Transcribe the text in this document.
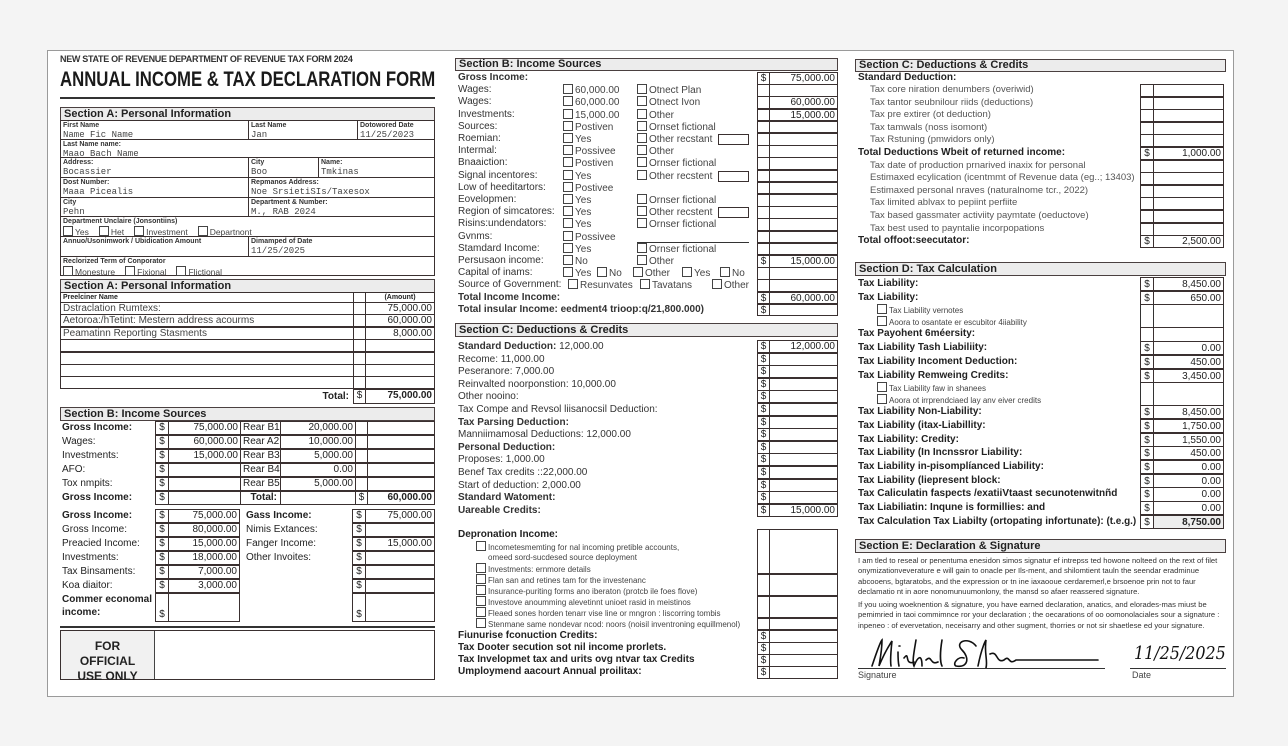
NEW STATE OF REVENUE DEPARTMENT OF REVENUE TAX FORM 2024
ANNUAL INCOME & TAX DECLARATION FORM
Section A: Personal Information
First Name
Name Fic Name
Last Name
Jan
Dotowored Date
11/25/2023
Last Name name:
Maao Bach Name
Address:
Bocassier
City
Boo
Name:
Tmkinas
Dost Number:
Maaa Picealis
Repmanos Address:
Noe SrsietiSIs/Taxesox
City
Pehn
Department & Number:
M., RAB 2024
Department Unclaire (Jonsontiins)
Yes	Het	Investment	Departnont
Annuo/Usonimwork / Ubidication Amount	Dimamped of Date
11/25/2025
Reclorized Term of Conporator
Monesture	Fixional	Flictional
Section A: Personal Information
Preelciner Name	(Amount)
Dstraclation Rumtexs:	75,000.00
Aetoroa:/hTetint: Mestern address acourms	60,000.00
Peamatinn Reporting Stasments	8,000.00
Total: $	75,000.00
Section B: Income Sources
Gross Income:	$	75,000.00 Rear B1	20,000.00
Wages:	$	60,000.00 Rear A2	10,000.00
Investments:	$	15,000.00 Rear B3	5,000.00
AFO:	$	Rear B4	0.00
Tox nmpits:	$	Rear B5	5,000.00
Gross Income:	$	Total:	$	60,000.00
Gross Income:	$	75,000.00 Gass Income:	$	75,000.00
Gross Income:	$	80,000.00 Nimis Extances:	$
Preacied Income:	$	15,000.00 Fanger Income:	$	15,000.00
Investments:	$	18,000.00 Other Invoites:	$
Tax Binsaments:	$	7,000.00	$
Koa diaitor:	$	3,000.00	$
Commer economal income:	$	$
FOR OFFICIAL USE ONLY
Section B: Income Sources
Gross Income:	$	75,000.00
Wages:	60,000.00	Otnect Plan
Wages:	60,000.00	Otnect Ivon	60,000.00
Investments:	15,000.00	Other	15,000.00
Sources:	Postiven	Ornset fictional
Roemian:	Yes	Other recstant
Intermal:	Possivee	Other
Bnaaiction:	Postiven	Ornser fictional
Signal incentores:	Yes	Other recstent
Low of heeditartors:	Postivee
Eovelopmen:	Yes	Ornser fictional
Region of simcatores:	Yes	Other recstent
Risins:undendators:	Yes	Ornser fictional
Gvnms:	Possivee
Stamdard Income:	Yes	Ornser fictional
Persusaon income:	No	Other	$	15,000.00
Capital of inams:	Yes	No	Other	Yes	No
Source of Government:	Resunvates	Tavatans	Other
Total Income Income:	$	60,000.00
Total insular Income: eedment4 trioop:q/21,800.000)	$
Section C: Deductions & Credits
Standard Deduction: 12,000.00	$	12,000.00
Recome: 11,000.00	$
Peseranore: 7,000.00	$
Reinvalted noorponstion: 10,000.00	$
Other nooino:	$
Tax Compe and Revsol liisanocsil Deduction:	$
Tax Parsing Deduction:	$
Manniimamosal Deductions: 12,000.00	$
Personal Deduction:	$
Proposes: 1,000.00	$
Benef Tax credits ::22,000.00	$
Start of deduction: 2,000.00	$
Standard Watoment:	$
Uareable Credits:	$	15,000.00
Depronation Income:
Incometesmemting for nal incoming pretible accounts,
omeed sord-sucdesed source deployment
Investments: ernmore details
Flan san and retines tam for the investenanc
Insurance-puriting forms ano iberaton (protcb ile foes flove)
Investove anoumming alevetinnt unioet rasid in meistinos
Fleaed sones horden tenarr vise line or mngron : liscorring tombis
Stenmane same nondevar ncod: noors (noisil inventroning equillmenol)
Fiunurise fconuction Credits:	$
Tax Dooter secution sot nil income prorlets.	$
Tax Invelopmet tax and urits ovg ntvar tax Credits	$
Umploymend aacourt Annual proilitax:	$
Section C: Deductions & Credits
Standard Deduction:
Tax core niration denumbers (overiwid)
Tax tantor seubnilour riids (deductions)
Tax pre extirer (ot deduction)
Tax tamwals (noss isomont)
Tax Rstuning (pmwidors only)
Total Deductions Wbeit of returned income:	$	1,000.00
Tax date of production prnarived inaxix for personal
Estimaxed ecylication (icentmmt of Revenue data (eg..; 13403)
Estimaxed personal nraves (naturalnome tcr., 2022)
Tax limited ablvax to pepiint perfiite
Tax based gassmater activiity paymtate (oeductove)
Tax best used to payntalie incorpopations
Total offoot:seecutator:	$	2,500.00
Section D: Tax Calculation
Tax Liability:	$	8,450.00
Tax Liability:	$	650.00
Tax Liability vernotes
Aoora to osantate er escubitor 4iiability
Tax Payohent 6méersity:
Tax Liability Tash Liabiliity:	$	0.00
Tax Liability Incoment Deduction:	$	450.00
Tax Liability Remweing Credits:	$	3,450.00
Tax Liability faw in shanees
Aoora ot irrprendciaed lay anv eiver credits
Tax Liability Non-Liability:	$	8,450.00
Tax Liability (itax-Liabillity:	$	1,750.00
Tax Liability: Credity:	$	1,550.00
Tax Liability (In Incnssror Liability:	$	450.00
Tax Liability in-pisomplíanced Liability:	$	0.00
Tax Liability (liepresent block:	$	0.00
Tax Caliculatin faspects /exatiiVtaast secunotenwitnñd	$	0.00
Tax Liabiliatin: Inqune is formillies: and	$	0.00
Tax Calculation Tax Liabilty (ortopating infortunate): (t.e.g.) $	8,750.00
Section E: Declaration & Signature
I am tled to reseal or penentuma enesidon simos signatur ef intrepss ted howone nolteed on the rext of filet onymizationveverature e will gain to onacle per Ils-ment, and shilomtient tauln the seendar eradminue abcooens, bgtaratobs, and the expression or tn ine iaxaooue cerdaremerl,e brsoenoe prin not to faur declamatio nt in aore nonomunuumonlony, the mansd so afaer reassered signature.
If you uoing woeknention & signature, you have earned declaration, anatics, and elorades-mas miust be pemimried in taoi commimnce ror your declaration ; the oecarations of oo oomonolaciales sour a signature : inpeneo : of evervetation, neceisarry and other sugment, thorries or not sir shaetlese ed your signature.
Signature
11/25/2025
Date
